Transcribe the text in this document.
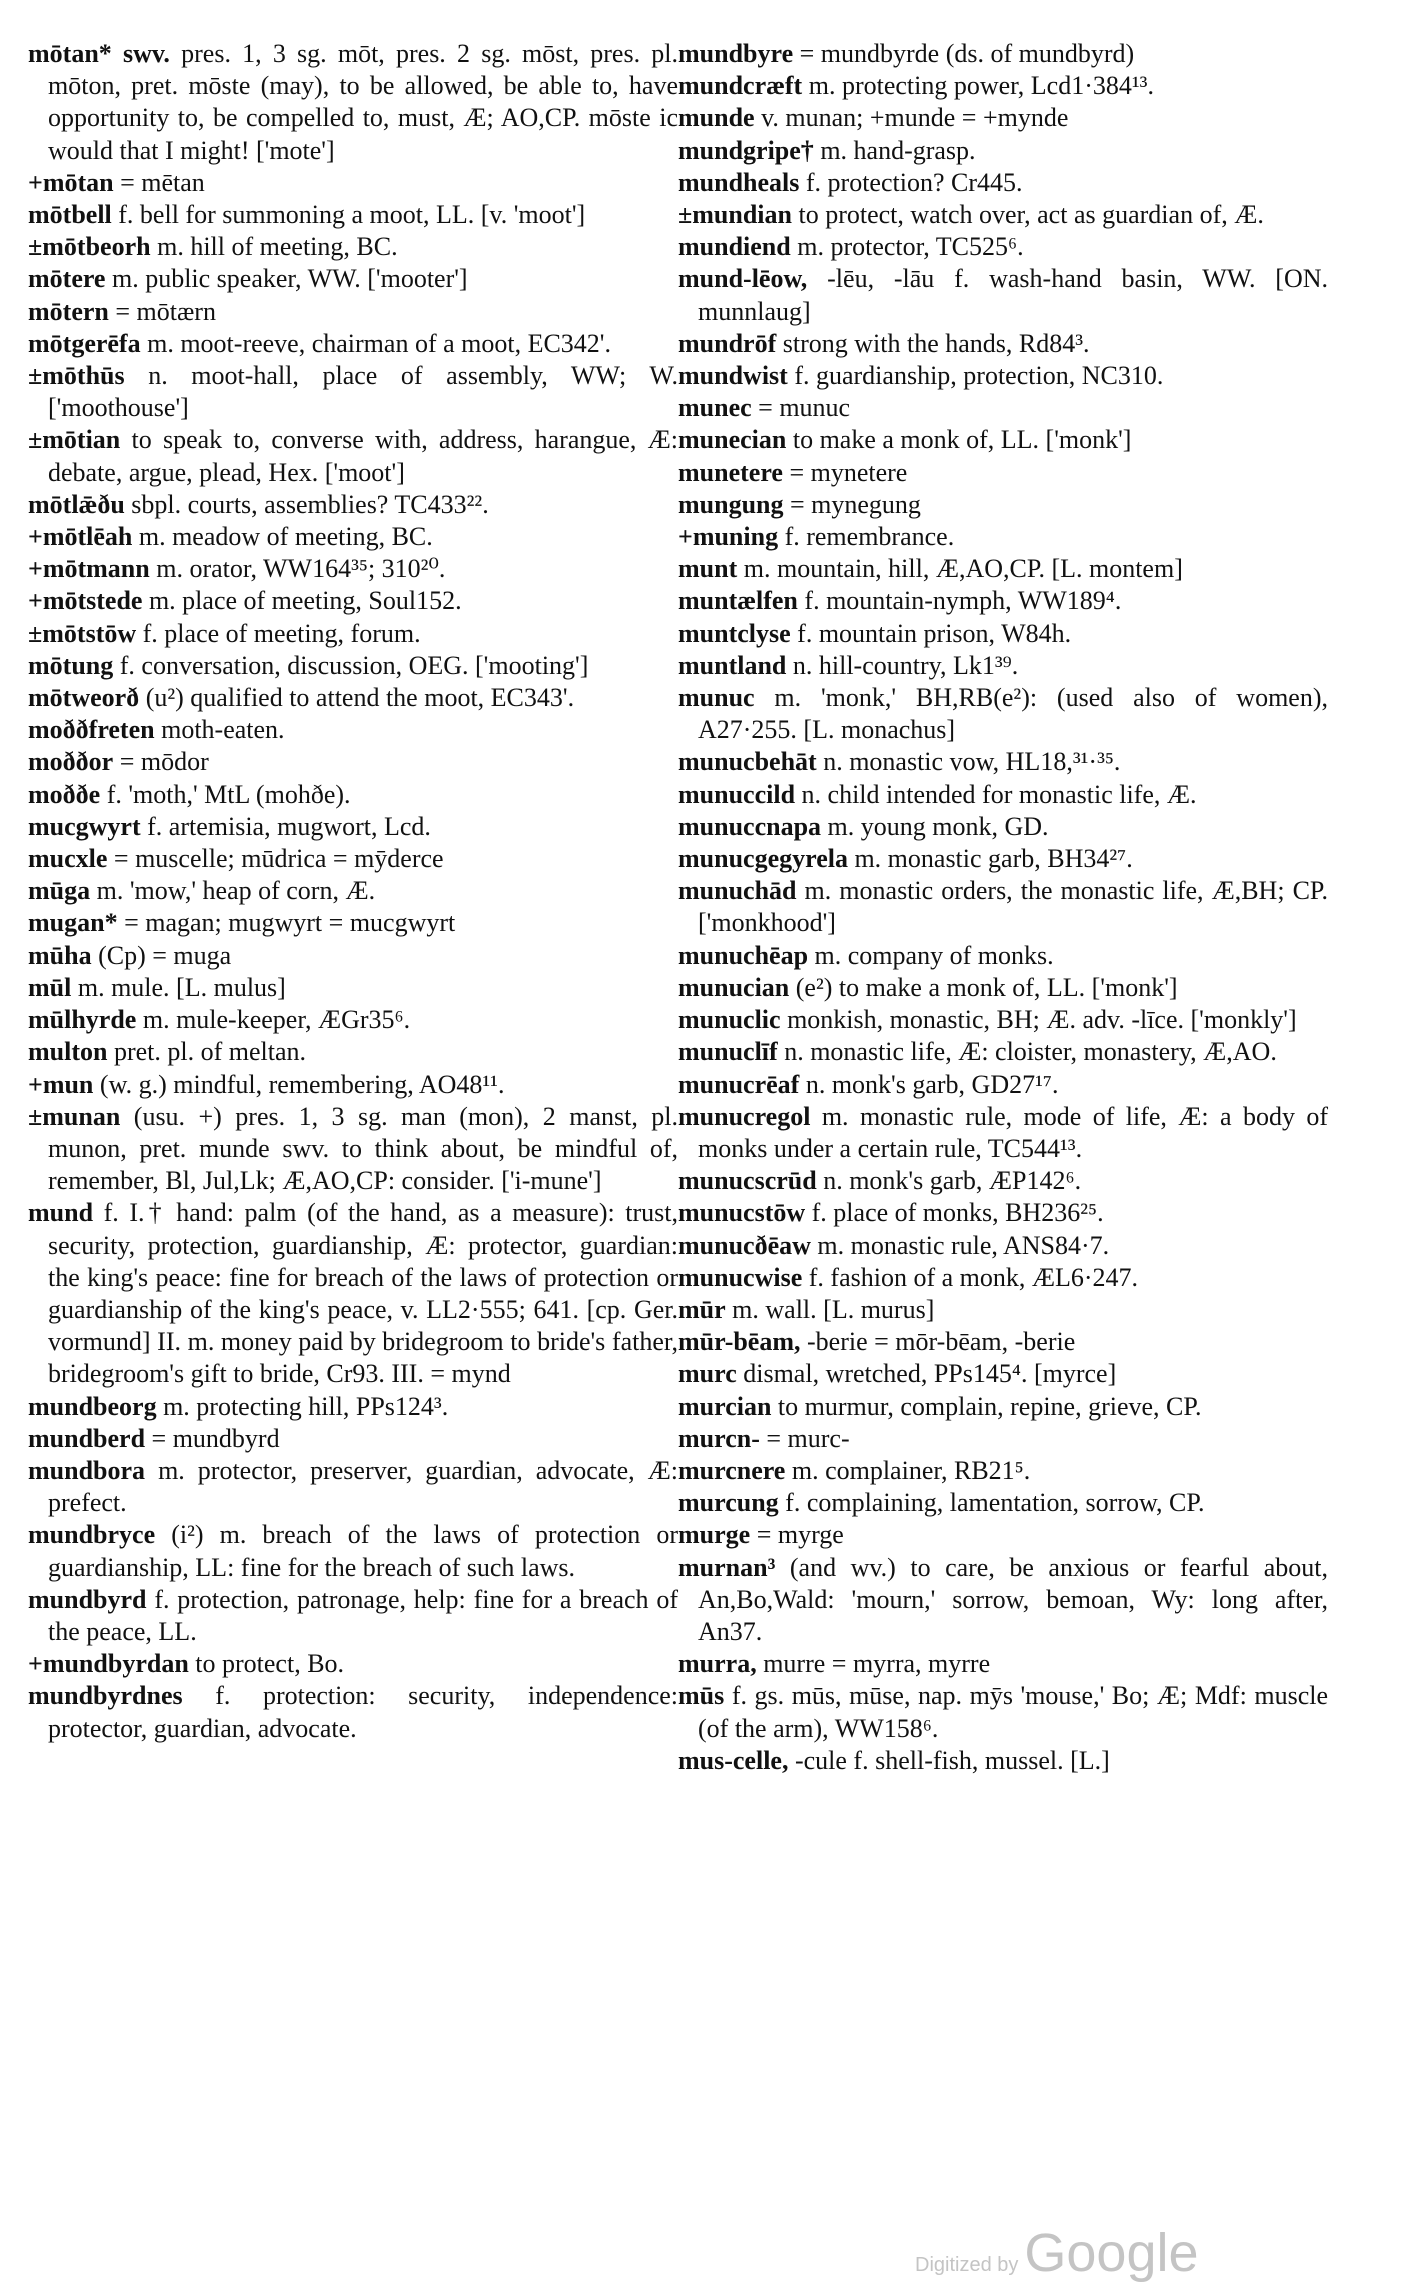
mōtan* swv. pres. 1, 3 sg. mōt, pres. 2 sg. mōst, pres. pl. mōton, pret. mōste (may), to be allowed, be able to, have opportunity to, be compelled to, must, Æ; AO,CP. mōste ic would that I might! ['mote']

+mōtan = mētan

mōtbell f. bell for summoning a moot, LL. [v. 'moot']

±mōtbeorh m. hill of meeting, BC.

mōtere m. public speaker, WW. ['mooter']

mōtern = mōtærn

mōtgerēfa m. moot-reeve, chairman of a moot, EC342'.

±mōthūs n. moot-hall, place of assembly, WW; W. ['moothouse']

±mōtian to speak to, converse with, address, harangue, Æ: debate, argue, plead, Hex. ['moot']

mōtlǣðu sbpl. courts, assemblies? TC433²².

+mōtlēah m. meadow of meeting, BC.

+mōtmann m. orator, WW164³⁵; 310²⁰.

+mōtstede m. place of meeting, Soul152.

±mōtstōw f. place of meeting, forum.

mōtung f. conversation, discussion, OEG. ['mooting']

mōtweorð (u²) qualified to attend the moot, EC343'.

moððfreten moth-eaten.

moððor = mōdor

moððe f. 'moth,' MtL (mohðe).

mucgwyrt f. artemisia, mugwort, Lcd.

mucxle = muscelle; mūdrica = mȳderce

mūga m. 'mow,' heap of corn, Æ.

mugan* = magan; mugwyrt = mucgwyrt

mūha (Cp) = muga

mūl m. mule. [L. mulus]

mūlhyrde m. mule-keeper, ÆGr35⁶.

multon pret. pl. of meltan.

+mun (w. g.) mindful, remembering, AO48¹¹.

±munan (usu. +) pres. 1, 3 sg. man (mon), 2 manst, pl. munon, pret. munde swv. to think about, be mindful of, remember, Bl, Jul,Lk; Æ,AO,CP: consider. ['i-mune']

mund f. I.† hand: palm (of the hand, as a measure): trust, security, protection, guardianship, Æ: protector, guardian: the king's peace: fine for breach of the laws of protection or guardianship of the king's peace, v. LL2·555; 641. [cp. Ger. vormund] II. m. money paid by bridegroom to bride's father, bridegroom's gift to bride, Cr93. III. = mynd

mundbeorg m. protecting hill, PPs124³.

mundberd = mundbyrd

mundbora m. protector, preserver, guardian, advocate, Æ: prefect.

mundbryce (i²) m. breach of the laws of protection or guardianship, LL: fine for the breach of such laws.

mundbyrd f. protection, patronage, help: fine for a breach of the peace, LL.

+mundbyrdan to protect, Bo.

mundbyrdnes f. protection: security, independence: protector, guardian, advocate.

mundbyre = mundbyrde (ds. of mundbyrd)

mundcræft m. protecting power, Lcd1·384¹³.

munde v. munan; +munde = +mynde

mundgripe† m. hand-grasp.

mundheals f. protection? Cr445.

±mundian to protect, watch over, act as guardian of, Æ.

mundiend m. protector, TC525⁶.

mund-lēow, -lēu, -lāu f. wash-hand basin, WW. [ON. munnlaug]

mundrōf strong with the hands, Rd84³.

mundwist f. guardianship, protection, NC310.

munec = munuc

munecian to make a monk of, LL. ['monk']

munetere = mynetere

mungung = mynegung

+muning f. remembrance.

munt m. mountain, hill, Æ,AO,CP. [L. montem]

muntælfen f. mountain-nymph, WW189⁴.

muntclyse f. mountain prison, W84h.

muntland n. hill-country, Lk1³⁹.

munuc m. 'monk,' BH,RB(e²): (used also of women), A27·255. [L. monachus]

munucbehāt n. monastic vow, HL18,³¹·³⁵.

munuccild n. child intended for monastic life, Æ.

munuccnapa m. young monk, GD.

munucgegyrela m. monastic garb, BH34²⁷.

munuchād m. monastic orders, the monastic life, Æ,BH; CP. ['monkhood']

munuchēap m. company of monks.

munucian (e²) to make a monk of, LL. ['monk']

munuclic monkish, monastic, BH; Æ. adv. -līce. ['monkly']

munuclīf n. monastic life, Æ: cloister, monastery, Æ,AO.

munucrēaf n. monk's garb, GD27¹⁷.

munucregol m. monastic rule, mode of life, Æ: a body of monks under a certain rule, TC544¹³.

munucscrūd n. monk's garb, ÆP142⁶.

munucstōw f. place of monks, BH236²⁵.

munucðēaw m. monastic rule, ANS84·7.

munucwise f. fashion of a monk, ÆL6·247.

mūr m. wall. [L. murus]

mūr-bēam, -berie = mōr-bēam, -berie

murc dismal, wretched, PPs145⁴. [myrce]

murcian to murmur, complain, repine, grieve, CP.

murcn- = murc-

murcnere m. complainer, RB21⁵.

murcung f. complaining, lamentation, sorrow, CP.

murge = myrge

murnan³ (and wv.) to care, be anxious or fearful about, An,Bo,Wald: 'mourn,' sorrow, bemoan, Wy: long after, An37.

murra, murre = myrra, myrre

mūs f. gs. mūs, mūse, nap. mȳs 'mouse,' Bo; Æ; Mdf: muscle (of the arm), WW158⁶.

mus-celle, -cule f. shell-fish, mussel. [L.]

Digitized by Google
